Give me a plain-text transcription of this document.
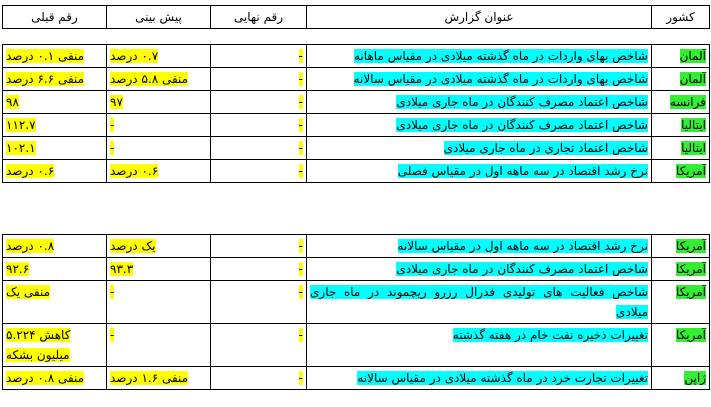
کشور	عنوان گزارش	رقم نهایی	پیش بینی	رقم قبلی
آلمان	شاخص بهای واردات در ماه گذشته میلادی در مقیاس ماهانه	-	۰.۷ درصد	منفی ۰.۱ درصد
آلمان	شاخص بهای واردات در ماه گذشته میلادی در مقیاس سالانه	-	منفی ۵.۸ درصد	منفی ۶.۶ درصد
فرانسه	شاخص اعتماد مصرف کنندگان در ماه جاری میلادی	-	۹۷	۹۸
ایتالیا	شاخص اعتماد مصرف کنندگان در ماه جاری میلادی	-	-	۱۱۲.۷
ایتالیا	شاخص اعتماد تجاری در ماه جاری میلادی	-	-	۱۰۲.۱
آمریکا	نرخ رشد اقتصاد در سه ماهه اول در مقیاس فصلی	-	۰.۶ درصد	۰.۶ درصد
آمریکا	نرخ رشد اقتصاد در سه ماهه اول در مقیاس سالانه	-	یک درصد	۰.۸ درصد
آمریکا	شاخص اعتماد مصرف کنندگان در ماه جاری میلادی	-	۹۳.۳	۹۲.۶
آمریکا	شاخص فعالیت های تولیدی فدرال رزرو ریچموند در ماه جاری میلادی	-	-	منفی یک
آمریکا	تغییرات ذخیره نفت خام در هفته گذشته	-	-	کاهش ۵.۲۲۴ میلیون بشکه
ژاپن	تغییرات تجارت خرد در ماه گذشته میلادی در مقیاس سالانه	-	منفی ۱.۶ درصد	منفی ۰.۸ درصد
